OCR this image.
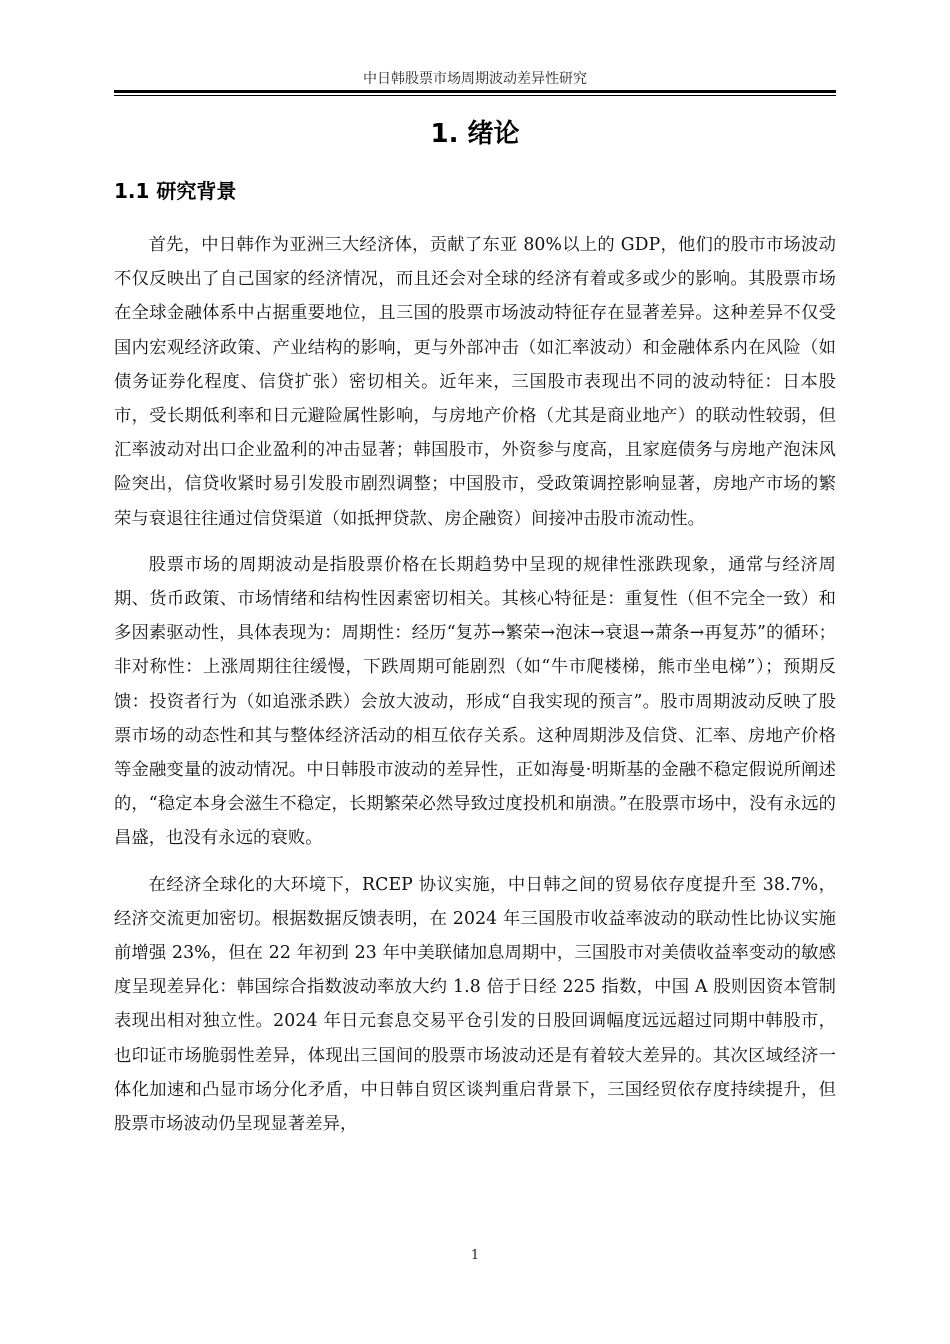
中日韩股票市场周期波动差异性研究
1. 绪论
1.1 研究背景

首先，中日韩作为亚洲三大经济体，贡献了东亚 80%以上的 GDP，他们的股市市场波动不仅反映出了自己国家的经济情况，而且还会对全球的经济有着或多或少的影响。其股票市场在全球金融体系中占据重要地位，且三国的股票市场波动特征存在显著差异。这种差异不仅受国内宏观经济政策、产业结构的影响，更与外部冲击（如汇率波动）和金融体系内在风险（如债务证券化程度、信贷扩张）密切相关。近年来，三国股市表现出不同的波动特征：日本股市，受长期低利率和日元避险属性影响，与房地产价格（尤其是商业地产）的联动性较弱，但汇率波动对出口企业盈利的冲击显著；韩国股市，外资参与度高，且家庭债务与房地产泡沫风险突出，信贷收紧时易引发股市剧烈调整；中国股市，受政策调控影响显著，房地产市场的繁荣与衰退往往通过信贷渠道（如抵押贷款、房企融资）间接冲击股市流动性。

股票市场的周期波动是指股票价格在长期趋势中呈现的规律性涨跌现象，通常与经济周期、货币政策、市场情绪和结构性因素密切相关。其核心特征是：重复性（但不完全一致）和多因素驱动性，具体表现为：周期性：经历“复苏→繁荣→泡沫→衰退→萧条→再复苏”的循环；非对称性：上涨周期往往缓慢，下跌周期可能剧烈（如“牛市爬楼梯，熊市坐电梯”）；预期反馈：投资者行为（如追涨杀跌）会放大波动，形成“自我实现的预言”。股市周期波动反映了股票市场的动态性和其与整体经济活动的相互依存关系。这种周期涉及信贷、汇率、房地产价格等金融变量的波动情况。中日韩股市波动的差异性，正如海曼·明斯基的金融不稳定假说所阐述的，“稳定本身会滋生不稳定，长期繁荣必然导致过度投机和崩溃。”在股票市场中，没有永远的昌盛，也没有永远的衰败。

在经济全球化的大环境下，RCEP 协议实施，中日韩之间的贸易依存度提升至 38.7%，经济交流更加密切。根据数据反馈表明，在 2024 年三国股市收益率波动的联动性比协议实施前增强 23%，但在 22 年初到 23 年中美联储加息周期中，三国股市对美债收益率变动的敏感度呈现差异化：韩国综合指数波动率放大约 1.8 倍于日经 225 指数，中国 A 股则因资本管制表现出相对独立性。2024 年日元套息交易平仓引发的日股回调幅度远远超过同期中韩股市，也印证市场脆弱性差异，体现出三国间的股票市场波动还是有着较大差异的。其次区域经济一体化加速和凸显市场分化矛盾，中日韩自贸区谈判重启背景下，三国经贸依存度持续提升，但股票市场波动仍呈现显著差异，

1
